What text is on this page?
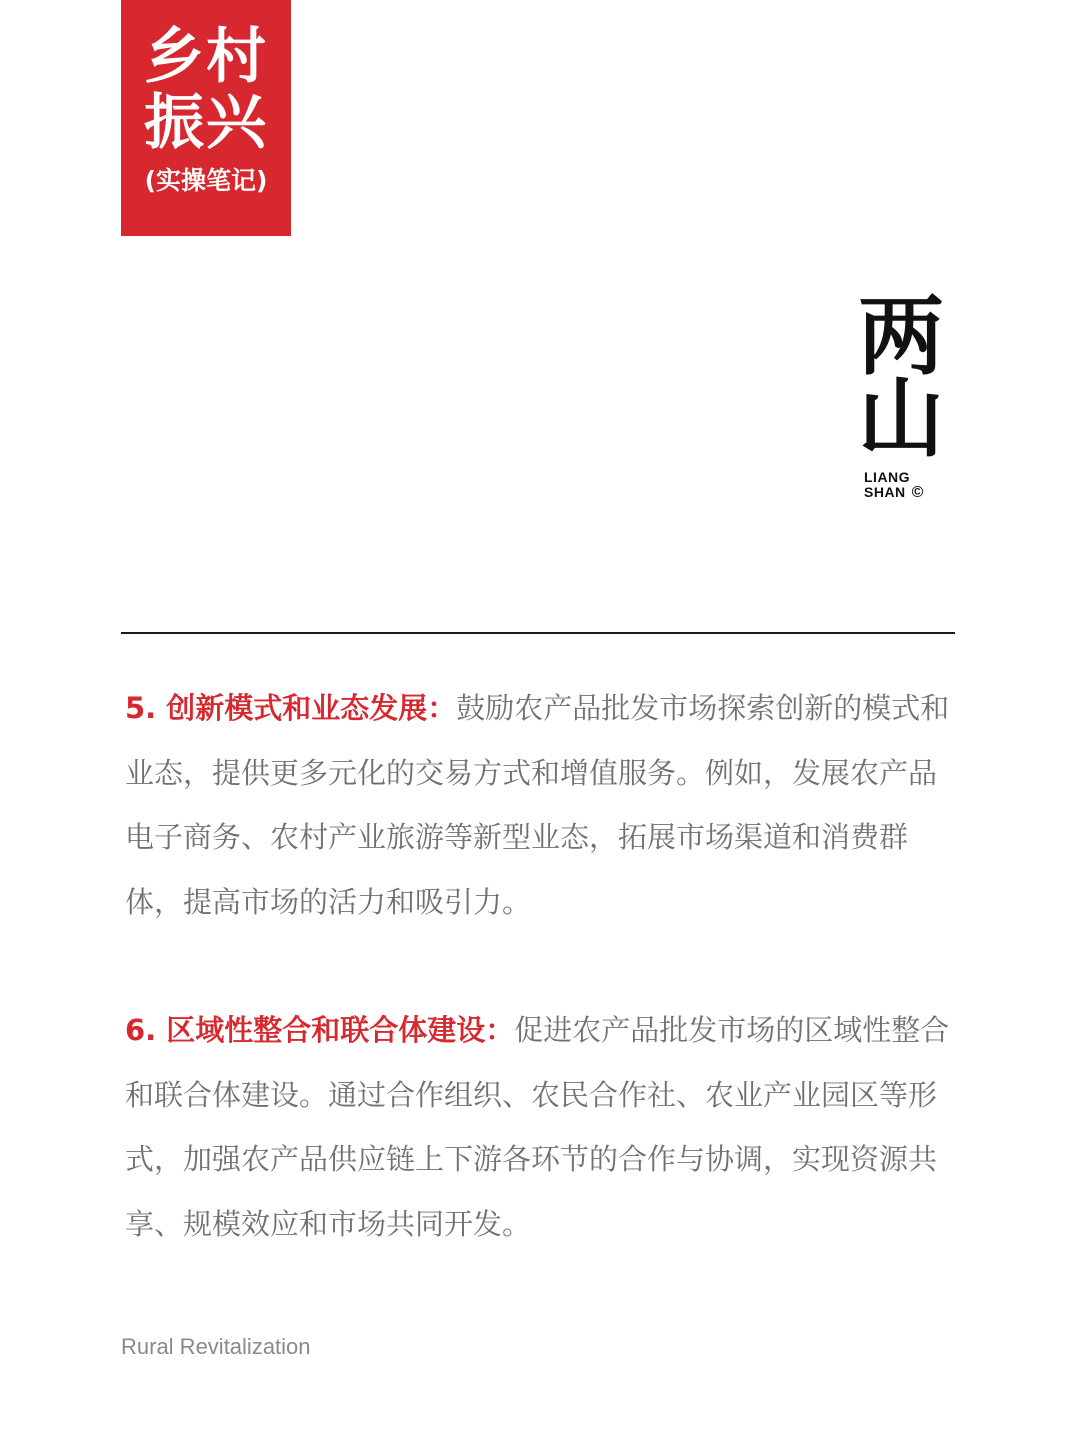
乡村
振兴
(实操笔记)
两
山
LIANG
SHAN ©

5. 创新模式和业态发展：鼓励农产品批发市场探索创新的模式和业态，提供更多元化的交易方式和增值服务。例如，发展农产品电子商务、农村产业旅游等新型业态，拓展市场渠道和消费群体，提高市场的活力和吸引力。

6. 区域性整合和联合体建设：促进农产品批发市场的区域性整合和联合体建设。通过合作组织、农民合作社、农业产业园区等形式，加强农产品供应链上下游各环节的合作与协调，实现资源共享、规模效应和市场共同开发。

Rural Revitalization
